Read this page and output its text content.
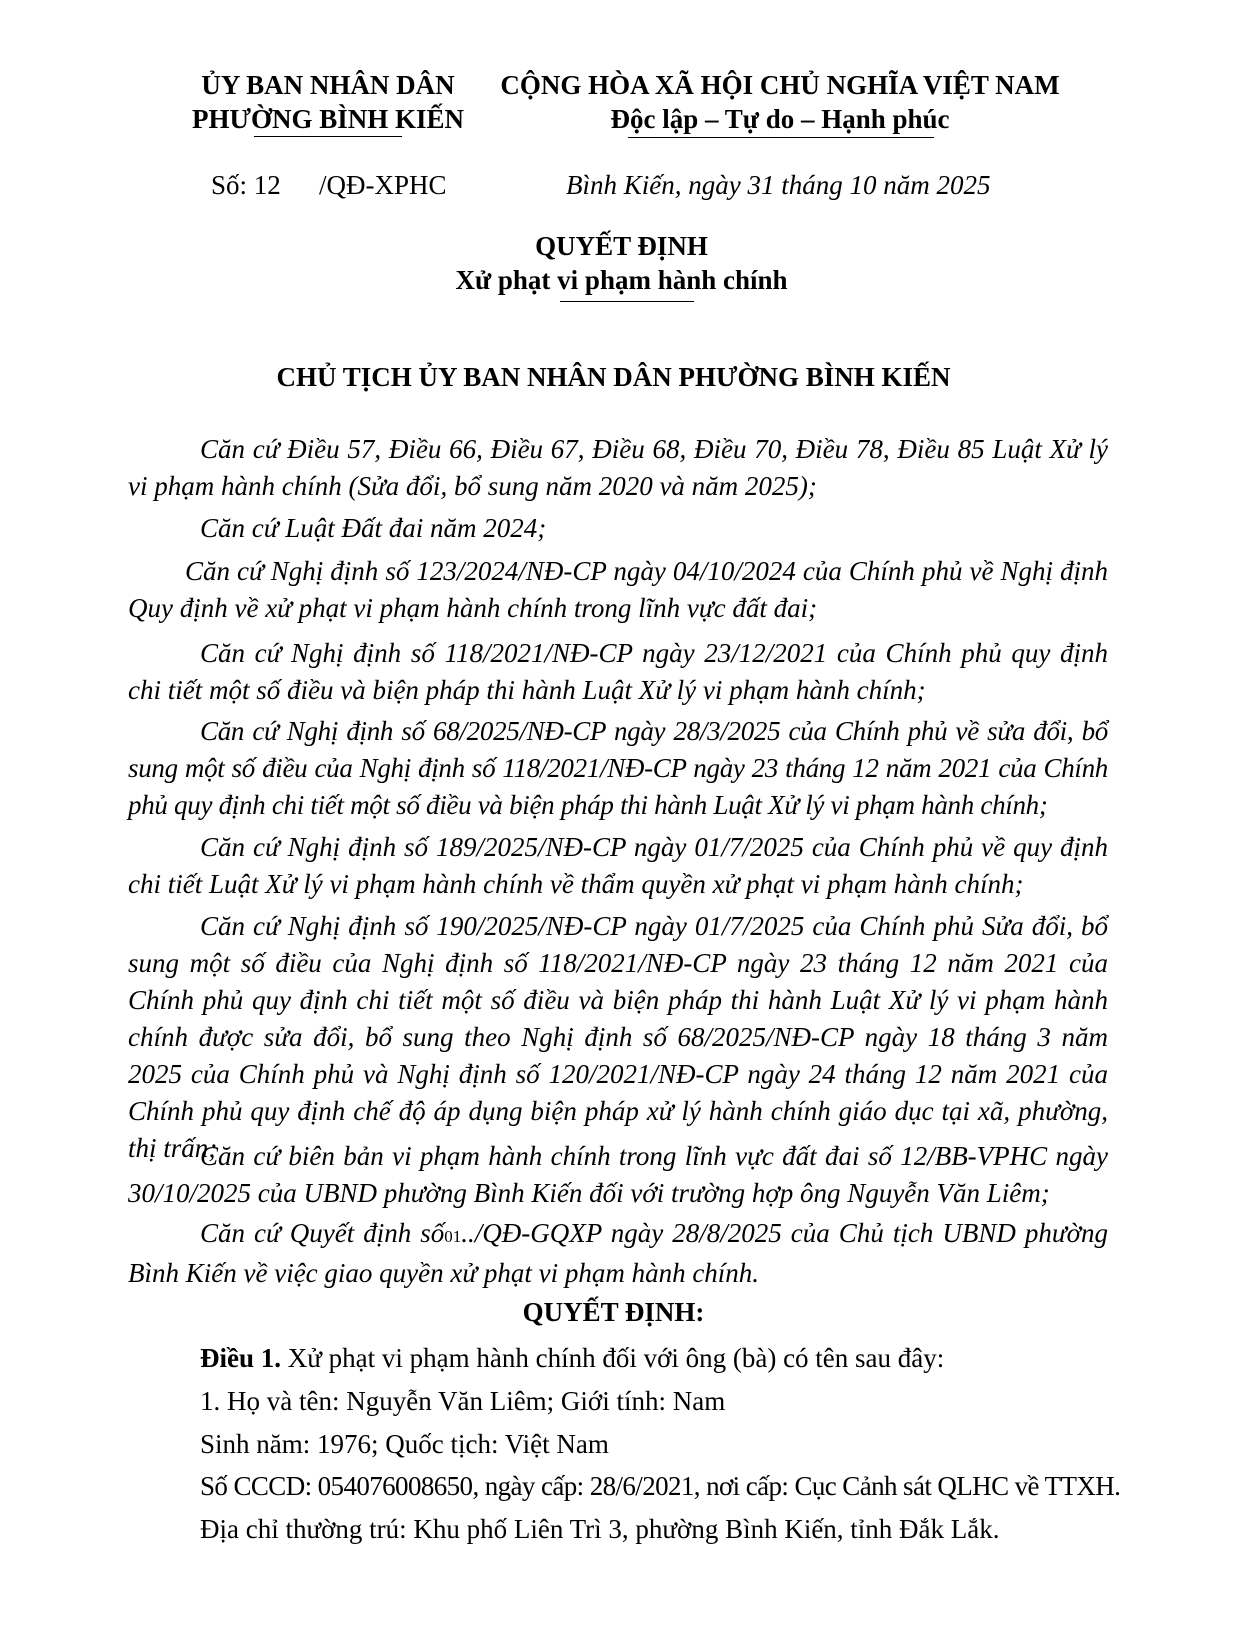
ỦY BAN NHÂN DÂN
PHƯỜNG BÌNH KIẾN
CỘNG HÒA XÃ HỘI CHỦ NGHĨA VIỆT NAM
Độc lập – Tự do – Hạnh phúc
Số: 12 /QĐ-XPHC	Bình Kiến, ngày 31 tháng 10 năm 2025
QUYẾT ĐỊNH
Xử phạt vi phạm hành chính
CHỦ TỊCH ỦY BAN NHÂN DÂN PHƯỜNG BÌNH KIẾN
Căn cứ Điều 57, Điều 66, Điều 67, Điều 68, Điều 70, Điều 78, Điều 85 Luật Xử lý vi phạm hành chính (Sửa đổi, bổ sung năm 2020 và năm 2025);
Căn cứ Luật Đất đai năm 2024;
Căn cứ Nghị định số 123/2024/NĐ-CP ngày 04/10/2024 của Chính phủ về Nghị định Quy định về xử phạt vi phạm hành chính trong lĩnh vực đất đai;
Căn cứ Nghị định số 118/2021/NĐ-CP ngày 23/12/2021 của Chính phủ quy định chi tiết một số điều và biện pháp thi hành Luật Xử lý vi phạm hành chính;
Căn cứ Nghị định số 68/2025/NĐ-CP ngày 28/3/2025 của Chính phủ về sửa đổi, bổ sung một số điều của Nghị định số 118/2021/NĐ-CP ngày 23 tháng 12 năm 2021 của Chính phủ quy định chi tiết một số điều và biện pháp thi hành Luật Xử lý vi phạm hành chính;
Căn cứ Nghị định số 189/2025/NĐ-CP ngày 01/7/2025 của Chính phủ về quy định chi tiết Luật Xử lý vi phạm hành chính về thẩm quyền xử phạt vi phạm hành chính;
Căn cứ Nghị định số 190/2025/NĐ-CP ngày 01/7/2025 của Chính phủ Sửa đổi, bổ sung một số điều của Nghị định số 118/2021/NĐ-CP ngày 23 tháng 12 năm 2021 của Chính phủ quy định chi tiết một số điều và biện pháp thi hành Luật Xử lý vi phạm hành chính được sửa đổi, bổ sung theo Nghị định số 68/2025/NĐ-CP ngày 18 tháng 3 năm 2025 của Chính phủ và Nghị định số 120/2021/NĐ-CP ngày 24 tháng 12 năm 2021 của Chính phủ quy định chế độ áp dụng biện pháp xử lý hành chính giáo dục tại xã, phường, thị trấn;
Căn cứ biên bản vi phạm hành chính trong lĩnh vực đất đai số 12/BB-VPHC ngày 30/10/2025 của UBND phường Bình Kiến đối với trường hợp ông Nguyễn Văn Liêm;
Căn cứ Quyết định số01../QĐ-GQXP ngày 28/8/2025 của Chủ tịch UBND phường Bình Kiến về việc giao quyền xử phạt vi phạm hành chính.
QUYẾT ĐỊNH:
Điều 1. Xử phạt vi phạm hành chính đối với ông (bà) có tên sau đây:
1. Họ và tên: Nguyễn Văn Liêm; Giới tính: Nam
Sinh năm: 1976; Quốc tịch: Việt Nam
Số CCCD: 054076008650, ngày cấp: 28/6/2021, nơi cấp: Cục Cảnh sát QLHC về TTXH.
Địa chỉ thường trú: Khu phố Liên Trì 3, phường Bình Kiến, tỉnh Đắk Lắk.
